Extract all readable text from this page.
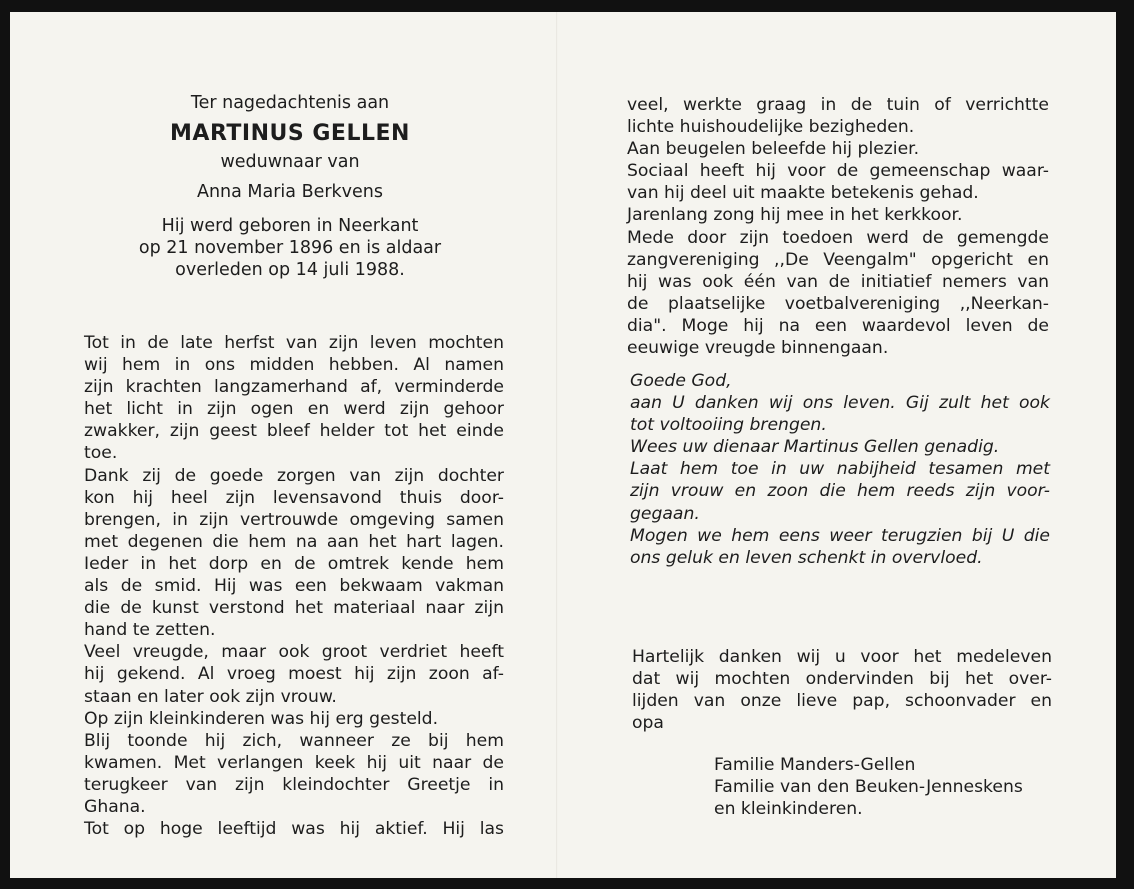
Ter nagedachtenis aan
MARTINUS GELLEN
weduwnaar van
Anna Maria Berkvens
Hij werd geboren in Neerkant
op 21 november 1896 en is aldaar
overleden op 14 juli 1988.
Tot in de late herfst van zijn leven mochten
wij hem in ons midden hebben. Al namen
zijn krachten langzamerhand af, verminderde
het licht in zijn ogen en werd zijn gehoor
zwakker, zijn geest bleef helder tot het einde
toe.
Dank zij de goede zorgen van zijn dochter
kon hij heel zijn levensavond thuis door-
brengen, in zijn vertrouwde omgeving samen
met degenen die hem na aan het hart lagen.
Ieder in het dorp en de omtrek kende hem
als de smid. Hij was een bekwaam vakman
die de kunst verstond het materiaal naar zijn
hand te zetten.
Veel vreugde, maar ook groot verdriet heeft
hij gekend. Al vroeg moest hij zijn zoon af-
staan en later ook zijn vrouw.
Op zijn kleinkinderen was hij erg gesteld.
Blij toonde hij zich, wanneer ze bij hem
kwamen. Met verlangen keek hij uit naar de
terugkeer van zijn kleindochter Greetje in
Ghana.
Tot op hoge leeftijd was hij aktief. Hij las
veel, werkte graag in de tuin of verrichtte
lichte huishoudelijke bezigheden.
Aan beugelen beleefde hij plezier.
Sociaal heeft hij voor de gemeenschap waar-
van hij deel uit maakte betekenis gehad.
Jarenlang zong hij mee in het kerkkoor.
Mede door zijn toedoen werd de gemengde
zangvereniging ,,De Veengalm" opgericht en
hij was ook één van de initiatief nemers van
de plaatselijke voetbalvereniging ,,Neerkan-
dia". Moge hij na een waardevol leven de
eeuwige vreugde binnengaan.
Goede God,
aan U danken wij ons leven. Gij zult het ook
tot voltooiing brengen.
Wees uw dienaar Martinus Gellen genadig.
Laat hem toe in uw nabijheid tesamen met
zijn vrouw en zoon die hem reeds zijn voor-
gegaan.
Mogen we hem eens weer terugzien bij U die
ons geluk en leven schenkt in overvloed.
Hartelijk danken wij u voor het medeleven
dat wij mochten ondervinden bij het over-
lijden van onze lieve pap, schoonvader en
opa
Familie Manders-Gellen
Familie van den Beuken-Jenneskens
en kleinkinderen.
